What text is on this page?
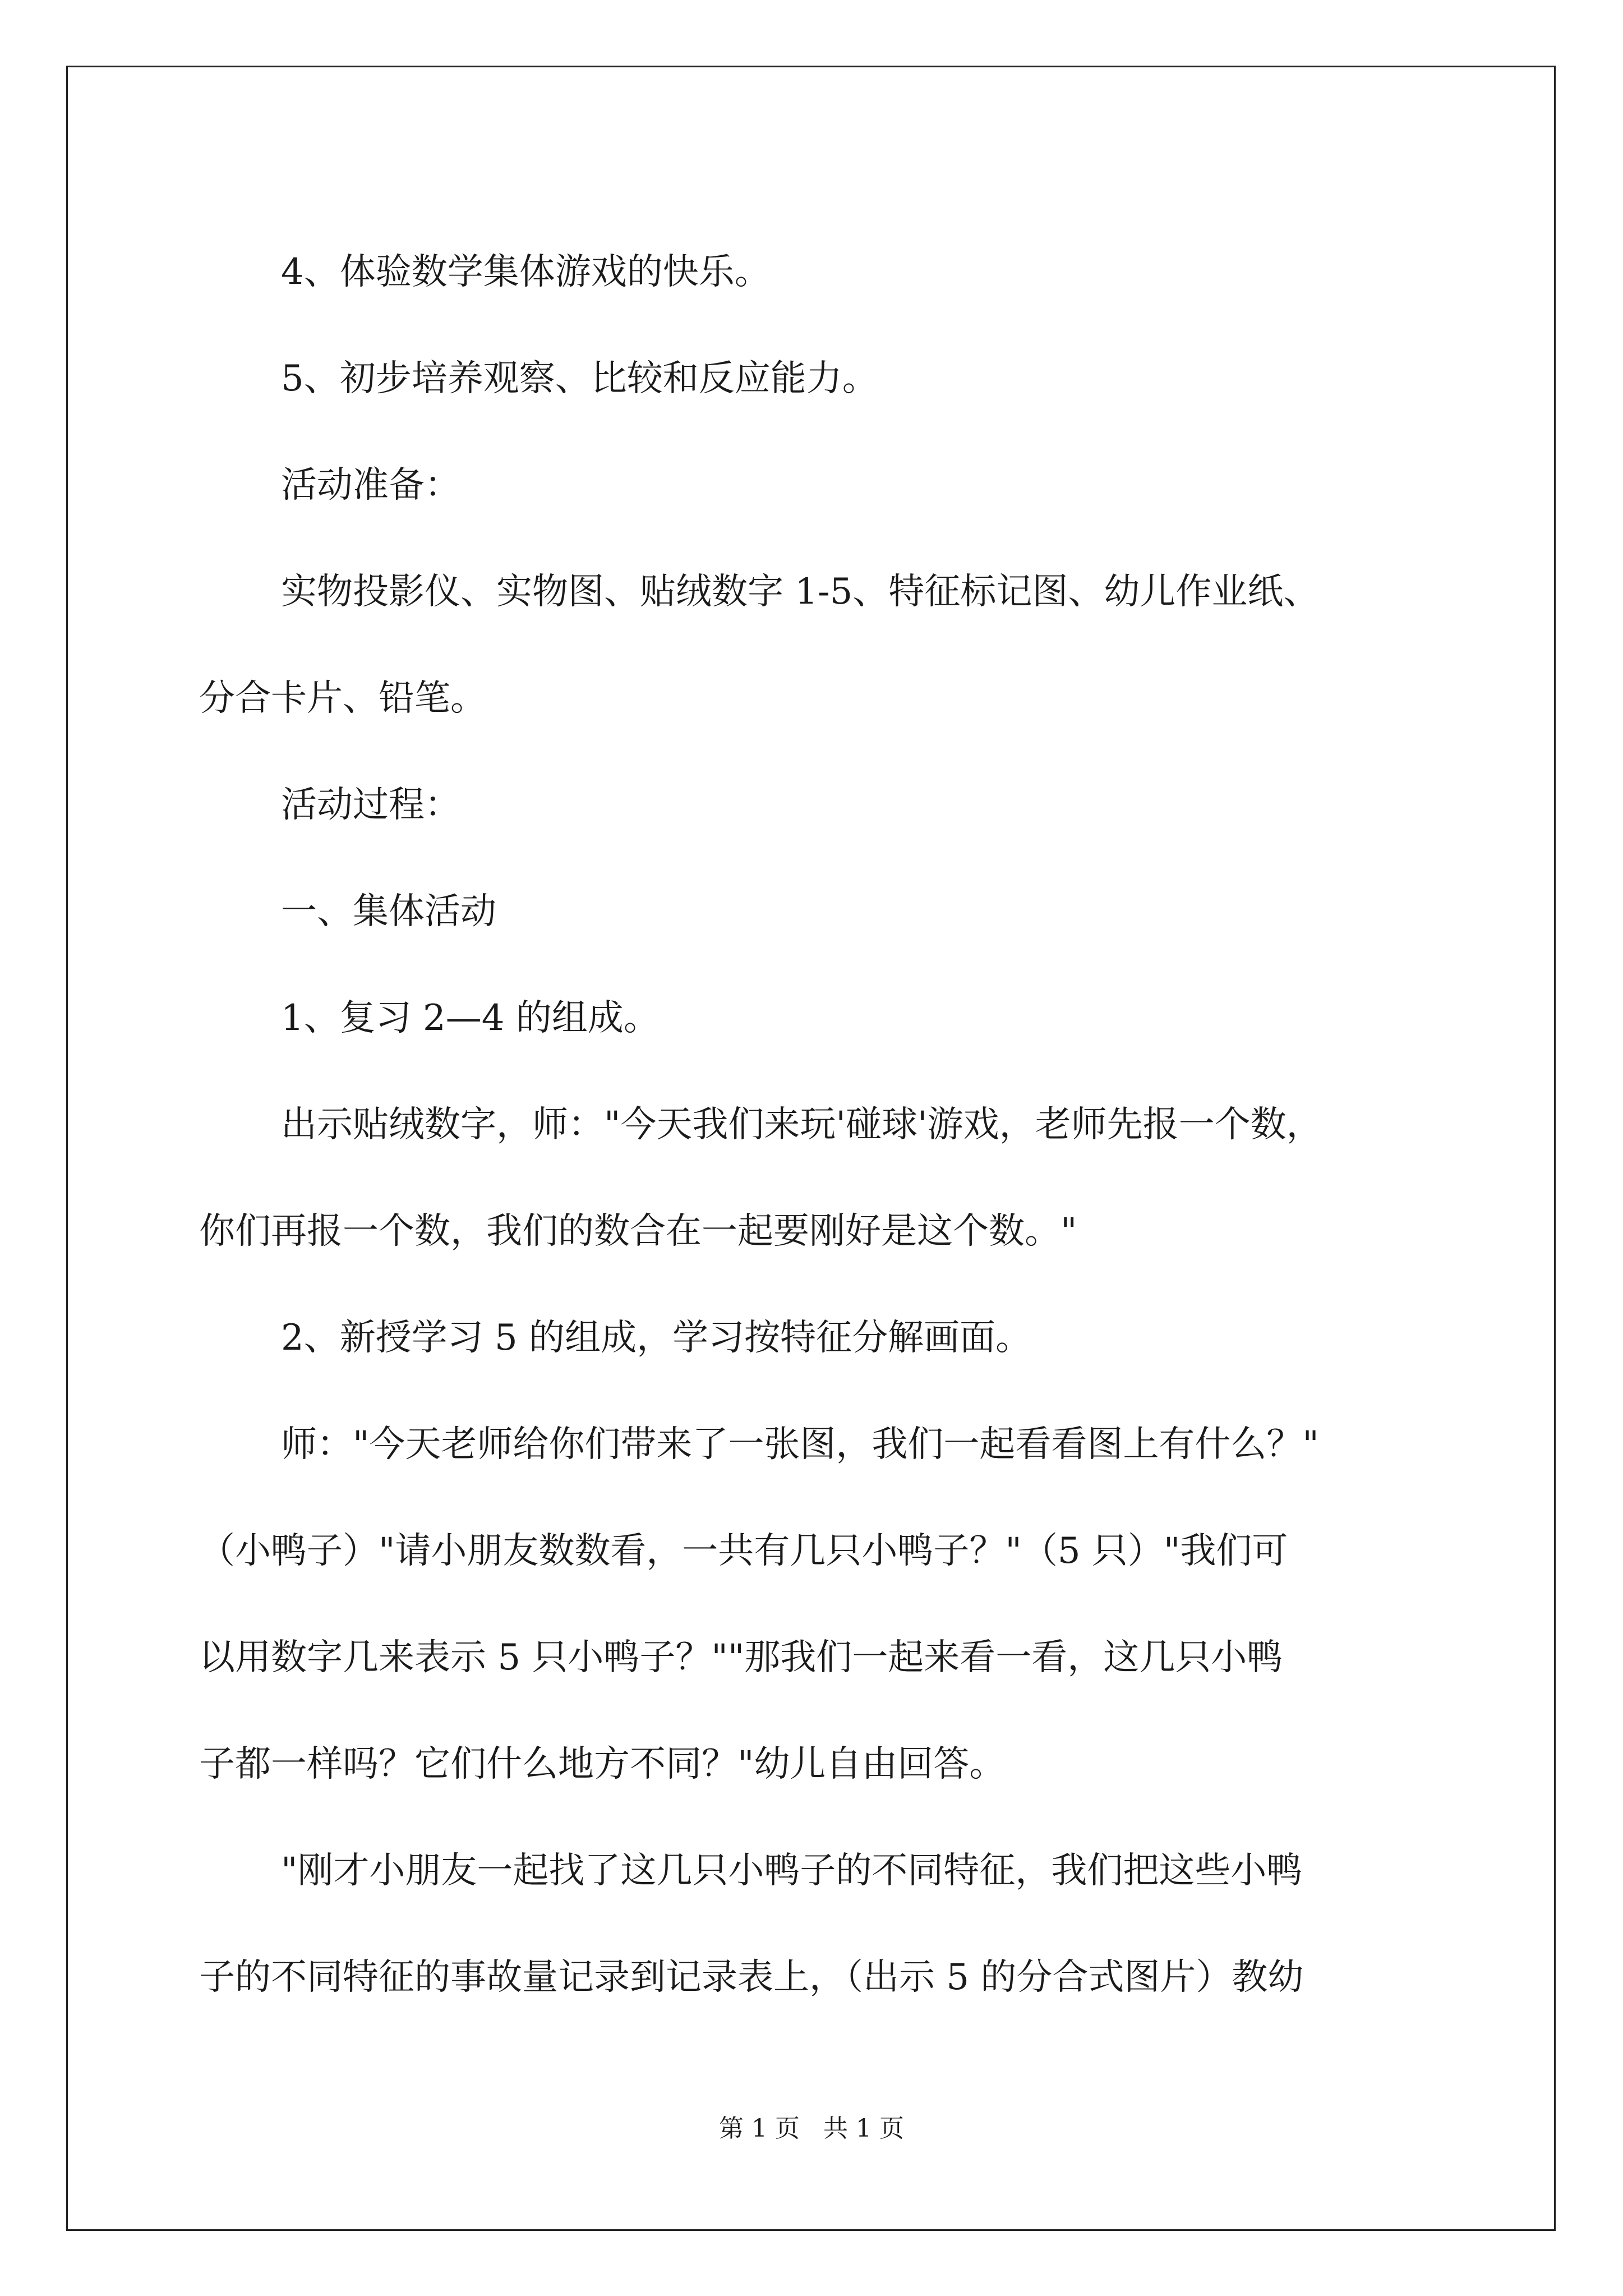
4、体验数学集体游戏的快乐。

5、初步培养观察、比较和反应能力。

活动准备：

实物投影仪、实物图、贴绒数字 1-5、特征标记图、幼儿作业纸、

分合卡片、铅笔。

活动过程：

一、集体活动

1、复习 2—4 的组成。

出示贴绒数字，师："今天我们来玩'碰球'游戏，老师先报一个数，

你们再报一个数，我们的数合在一起要刚好是这个数。"

2、新授学习 5 的组成，学习按特征分解画面。

师："今天老师给你们带来了一张图，我们一起看看图上有什么？"

（小鸭子）"请小朋友数数看，一共有几只小鸭子？"（5 只）"我们可

以用数字几来表示 5 只小鸭子？""那我们一起来看一看，这几只小鸭

子都一样吗？它们什么地方不同？"幼儿自由回答。

"刚才小朋友一起找了这几只小鸭子的不同特征，我们把这些小鸭

子的不同特征的事故量记录到记录表上，（出示 5 的分合式图片）教幼

第 1 页   共 1 页
